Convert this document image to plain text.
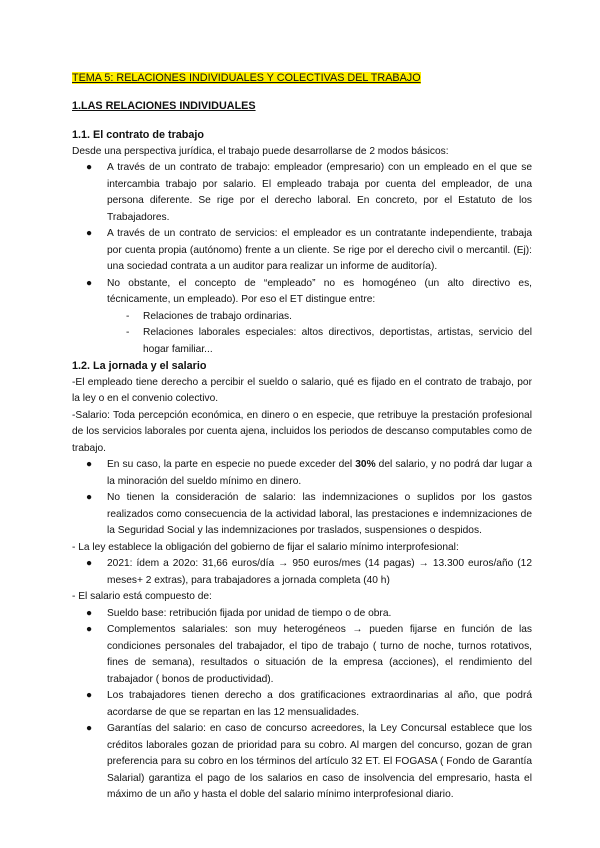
TEMA 5: RELACIONES INDIVIDUALES Y COLECTIVAS DEL TRABAJO

1.LAS RELACIONES INDIVIDUALES

1.1. El contrato de trabajo

Desde una perspectiva jurídica, el trabajo puede desarrollarse de 2 modos básicos:

● A través de un contrato de trabajo: empleador (empresario) con un empleado en el que se intercambia trabajo por salario. El empleado trabaja por cuenta del empleador, de una persona diferente. Se rige por el derecho laboral. En concreto, por el Estatuto de los Trabajadores.
● A través de un contrato de servicios: el empleador es un contratante independiente, trabaja por cuenta propia (autónomo) frente a un cliente. Se rige por el derecho civil o mercantil. (Ej): una sociedad contrata a un auditor para realizar un informe de auditoría).
● No obstante, el concepto de “empleado” no es homogéneo (un alto directivo es, técnicamente, un empleado). Por eso el ET distingue entre:
- Relaciones de trabajo ordinarias.
- Relaciones laborales especiales: altos directivos, deportistas, artistas, servicio del hogar familiar...

1.2. La jornada y el salario

-El empleado tiene derecho a percibir el sueldo o salario, qué es fijado en el contrato de trabajo, por la ley o en el convenio colectivo.

-Salario: Toda percepción económica, en dinero o en especie, que retribuye la prestación profesional de los servicios laborales por cuenta ajena, incluidos los periodos de descanso computables como de trabajo.

● En su caso, la parte en especie no puede exceder del 30% del salario, y no podrá dar lugar a la minoración del sueldo mínimo en dinero.
● No tienen la consideración de salario: las indemnizaciones o suplidos por los gastos realizados como consecuencia de la actividad laboral, las prestaciones e indemnizaciones de la Seguridad Social y las indemnizaciones por traslados, suspensiones o despidos.

- La ley establece la obligación del gobierno de fijar el salario mínimo interprofesional:

● 2021: ídem a 202o: 31,66 euros/día → 950 euros/mes (14 pagas) → 13.300 euros/año (12 meses+ 2 extras), para trabajadores a jornada completa (40 h)

- El salario está compuesto de:

● Sueldo base: retribución fijada por unidad de tiempo o de obra.
● Complementos salariales: son muy heterogéneos → pueden fijarse en función de las condiciones personales del trabajador, el tipo de trabajo ( turno de noche, turnos rotativos, fines de semana), resultados o situación de la empresa (acciones), el rendimiento del trabajador ( bonos de productividad).
● Los trabajadores tienen derecho a dos gratificaciones extraordinarias al año, que podrá acordarse de que se repartan en las 12 mensualidades.
● Garantías del salario: en caso de concurso acreedores, la Ley Concursal establece que los créditos laborales gozan de prioridad para su cobro. Al margen del concurso, gozan de gran preferencia para su cobro en los términos del artículo 32 ET. El FOGASA ( Fondo de Garantía Salarial) garantiza el pago de los salarios en caso de insolvencia del empresario, hasta el máximo de un año y hasta el doble del salario mínimo interprofesional diario.
